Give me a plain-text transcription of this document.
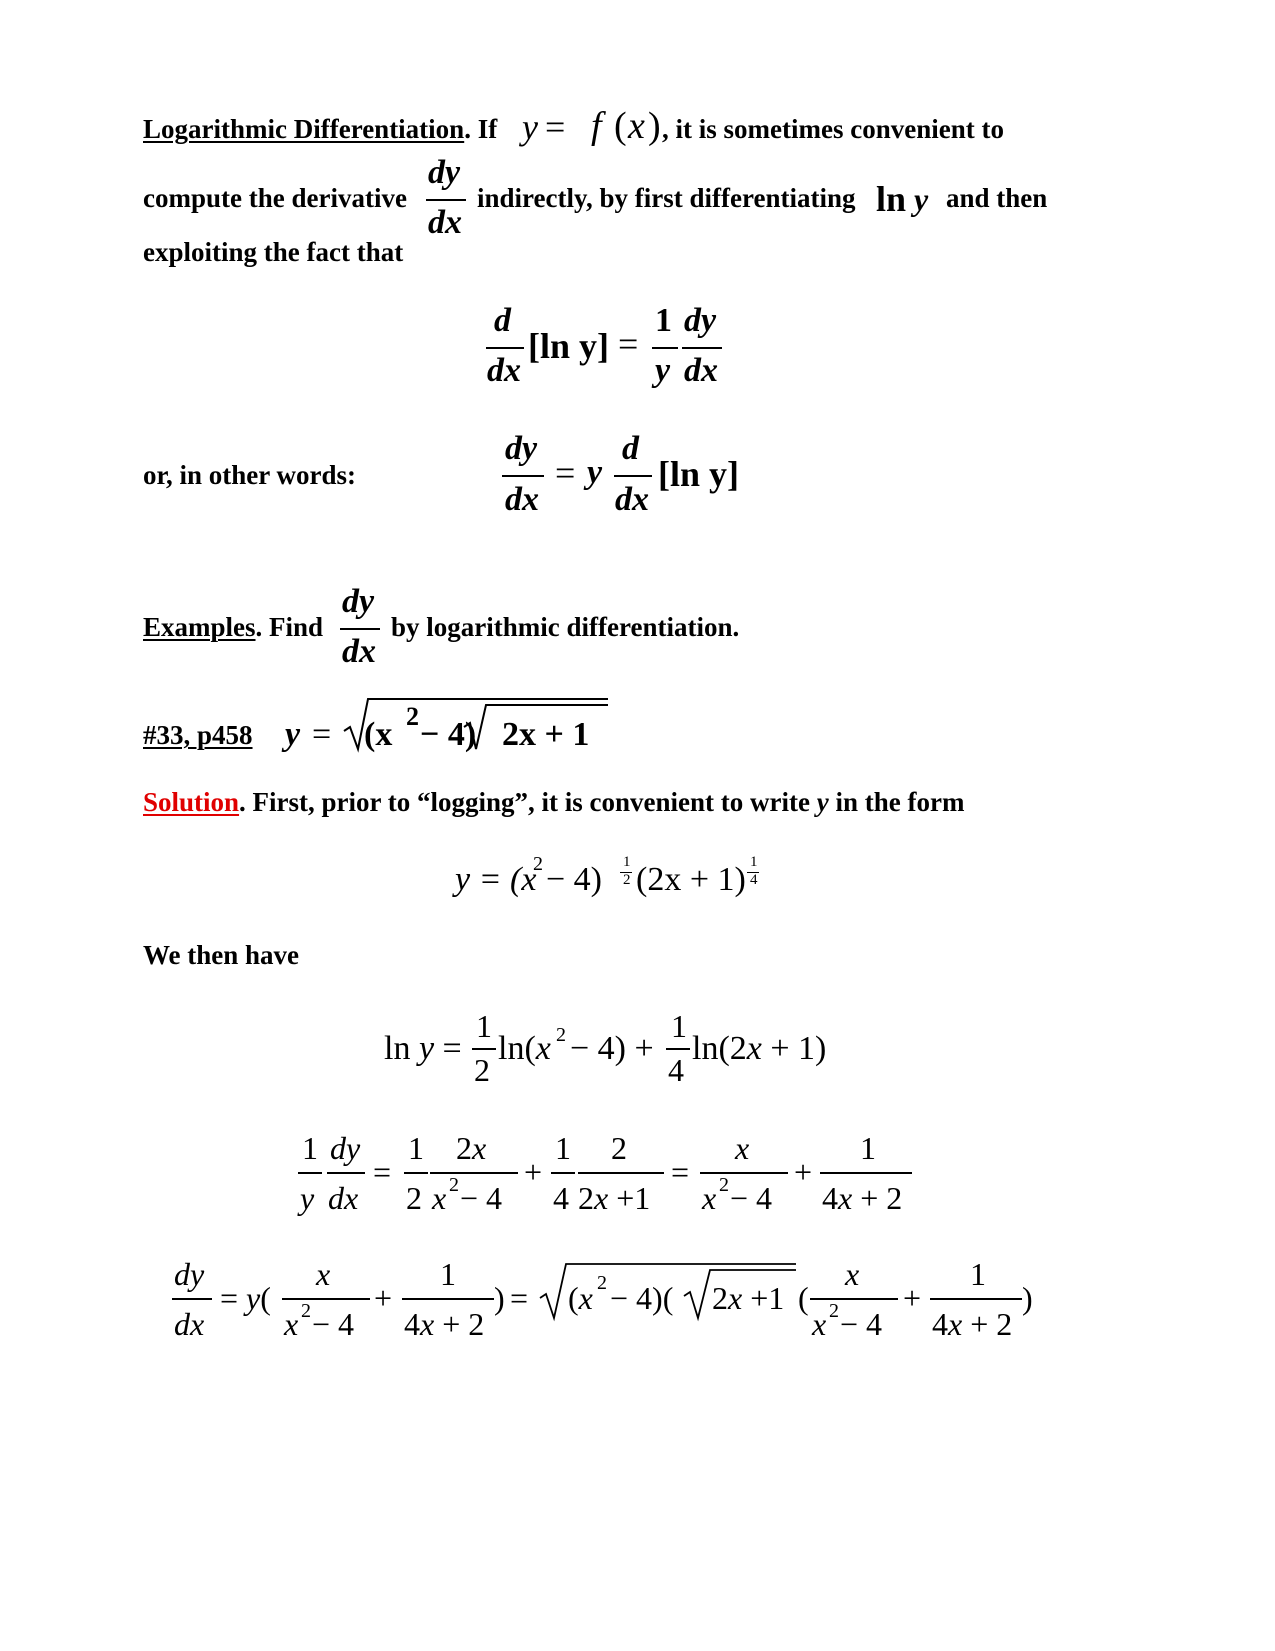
Logarithmic Differentiation. If y = f ( x ) , it is sometimes convenient to
compute the derivative
dy
dx
indirectly, by first differentiating ln y and then
exploiting the fact that
d
dx
[ln y] =
1 dy
y dx
or, in other words:
dy
dx
= y
d
dx
[ln y]
Examples. Find
dy
dx
by logarithmic differentiation.
#33, p458 y = (x 2 − 4) 2x + 1
Solution. First, prior to “logging”, it is convenient to write y in the form
y = (x
2 − 4) 1
2 (2x + 1) 1
4
We then have
ln y =
1
2
ln(x 2 − 4) +
1
4
ln(2x + 1)
1 dy
y dx
=
1
2
2x
x 2 − 4
+
1
4
2
2x +1
=
x
x 2 − 4
+
1
4x + 2
dy
dx
= y(
x
x 2 − 4
+
1
4x + 2
) = (x 2 − 4)( 2x +1 (
x
x 2 − 4
+
1
4x + 2
)
